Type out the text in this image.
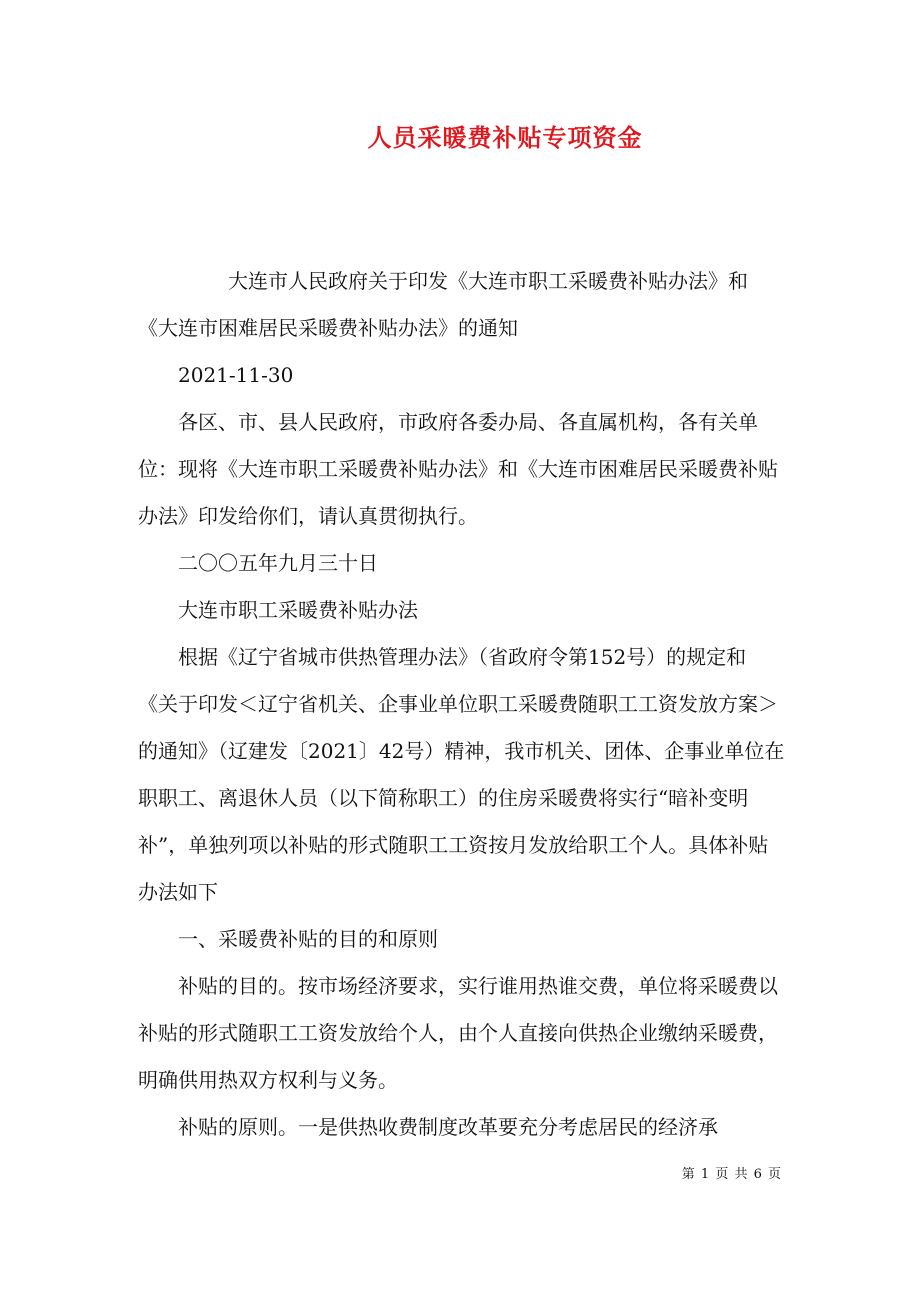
人员采暖费补贴专项资金

大连市人民政府关于印发《大连市职工采暖费补贴办法》和《大连市困难居民采暖费补贴办法》的通知

2021-11-30

各区、市、县人民政府，市政府各委办局、各直属机构，各有关单位：现将《大连市职工采暖费补贴办法》和《大连市困难居民采暖费补贴办法》印发给你们，请认真贯彻执行。

二〇〇五年九月三十日

大连市职工采暖费补贴办法

根据《辽宁省城市供热管理办法》（省政府令第152号）的规定和《关于印发＜辽宁省机关、企事业单位职工采暖费随职工工资发放方案＞的通知》（辽建发〔2021〕42号）精神，我市机关、团体、企事业单位在职职工、离退休人员（以下简称职工）的住房采暖费将实行“暗补变明补”，单独列项以补贴的形式随职工工资按月发放给职工个人。具体补贴办法如下

一、采暖费补贴的目的和原则

补贴的目的。按市场经济要求，实行谁用热谁交费，单位将采暖费以补贴的形式随职工工资发放给个人，由个人直接向供热企业缴纳采暖费，明确供用热双方权利与义务。

补贴的原则。一是供热收费制度改革要充分考虑居民的经济承

第 1 页 共 6 页
